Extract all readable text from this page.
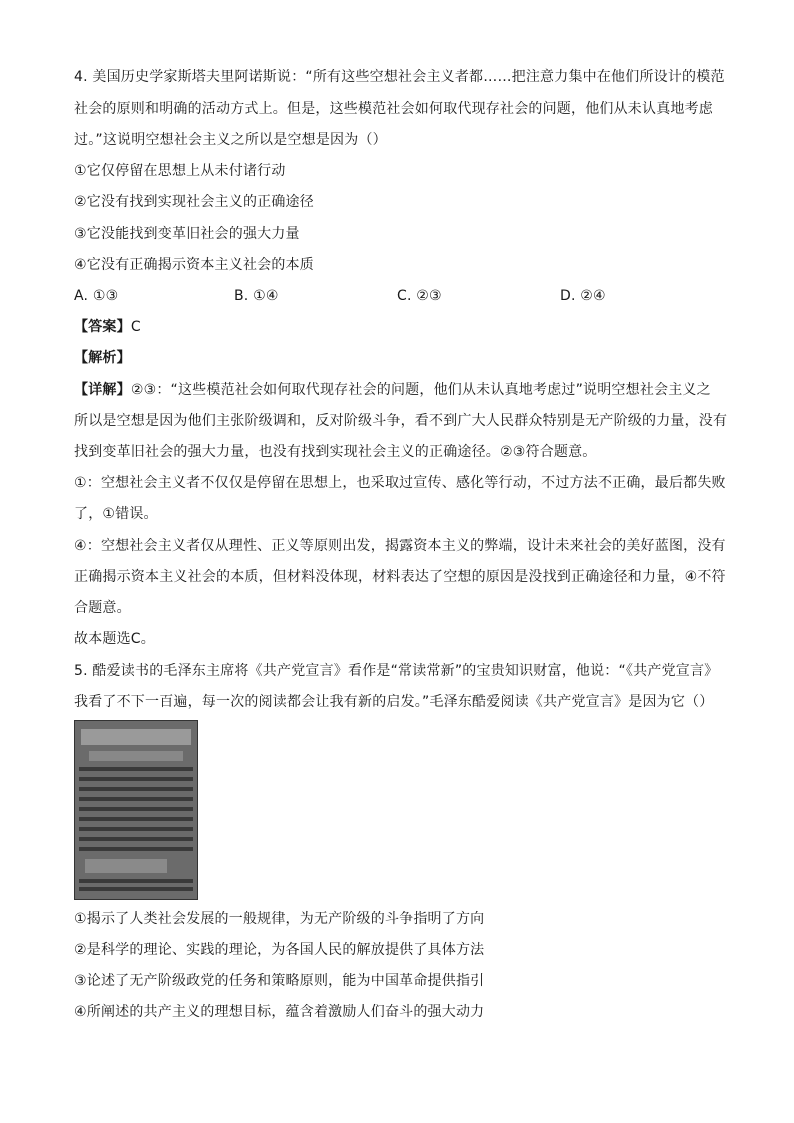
4. 美国历史学家斯塔夫里阿诺斯说：“所有这些空想社会主义者都……把注意力集中在他们所设计的模范
社会的原则和明确的活动方式上。但是，这些模范社会如何取代现存社会的问题，他们从未认真地考虑
过。”这说明空想社会主义之所以是空想是因为（）
①它仅停留在思想上从未付诸行动
②它没有找到实现社会主义的正确途径
③它没能找到变革旧社会的强大力量
④它没有正确揭示资本主义社会的本质
A. ①③	B. ①④	C. ②③	D. ②④
【答案】C
【解析】
【详解】②③：“这些模范社会如何取代现存社会的问题，他们从未认真地考虑过”说明空想社会主义之
所以是空想是因为他们主张阶级调和，反对阶级斗争，看不到广大人民群众特别是无产阶级的力量，没有
找到变革旧社会的强大力量，也没有找到实现社会主义的正确途径。②③符合题意。
①：空想社会主义者不仅仅是停留在思想上，也采取过宣传、感化等行动，不过方法不正确，最后都失败
了，①错误。
④：空想社会主义者仅从理性、正义等原则出发，揭露资本主义的弊端，设计未来社会的美好蓝图，没有
正确揭示资本主义社会的本质，但材料没体现，材料表达了空想的原因是没找到正确途径和力量，④不符
合题意。
故本题选C。
5. 酷爱读书的毛泽东主席将《共产党宣言》看作是“常读常新”的宝贵知识财富，他说：“《共产党宣言》
我看了不下一百遍，每一次的阅读都会让我有新的启发。”毛泽东酷爱阅读《共产党宣言》是因为它（）
①揭示了人类社会发展的一般规律，为无产阶级的斗争指明了方向
②是科学的理论、实践的理论，为各国人民的解放提供了具体方法
③论述了无产阶级政党的任务和策略原则，能为中国革命提供指引
④所阐述的共产主义的理想目标，蕴含着激励人们奋斗的强大动力
